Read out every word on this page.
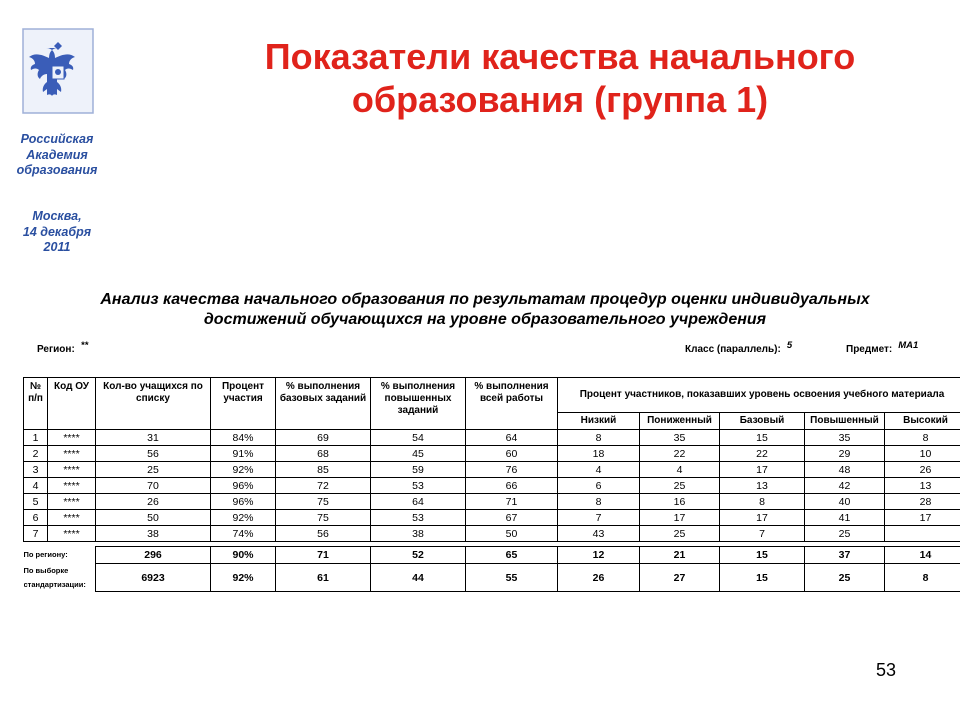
Российская
Академия
образования
Москва,
14 декабря
2011
Показатели качества начального
образования (группа 1)
Анализ качества начального образования по результатам процедур оценки индивидуальных
достижений обучающихся на уровне образовательного учреждения
Регион: **	Класс (параллель): 5	Предмет: МА1
№ п/п	Код ОУ	Кол-во учащихся по списку	Процент участия	% выполнения базовых заданий	% выполнения повышенных заданий	% выполнения всей работы	Процент участников, показавших уровень освоения учебного материала				
							Низкий	Пониженный	Базовый	Повышенный	Высокий
1	****	31	84%	69	54	64	8	35	15	35	8
2	****	56	91%	68	45	60	18	22	22	29	10
3	****	25	92%	85	59	76	4	4	17	48	26
4	****	70	96%	72	53	66	6	25	13	42	13
5	****	26	96%	75	64	71	8	16	8	40	28
6	****	50	92%	75	53	67	7	17	17	41	17
7	****	38	74%	56	38	50	43	25	7	25	

По региону:		296	90%	71	52	65	12	21	15	37	14
По выборке стандартизации:		6923	92%	61	44	55	26	27	15	25	8
53
